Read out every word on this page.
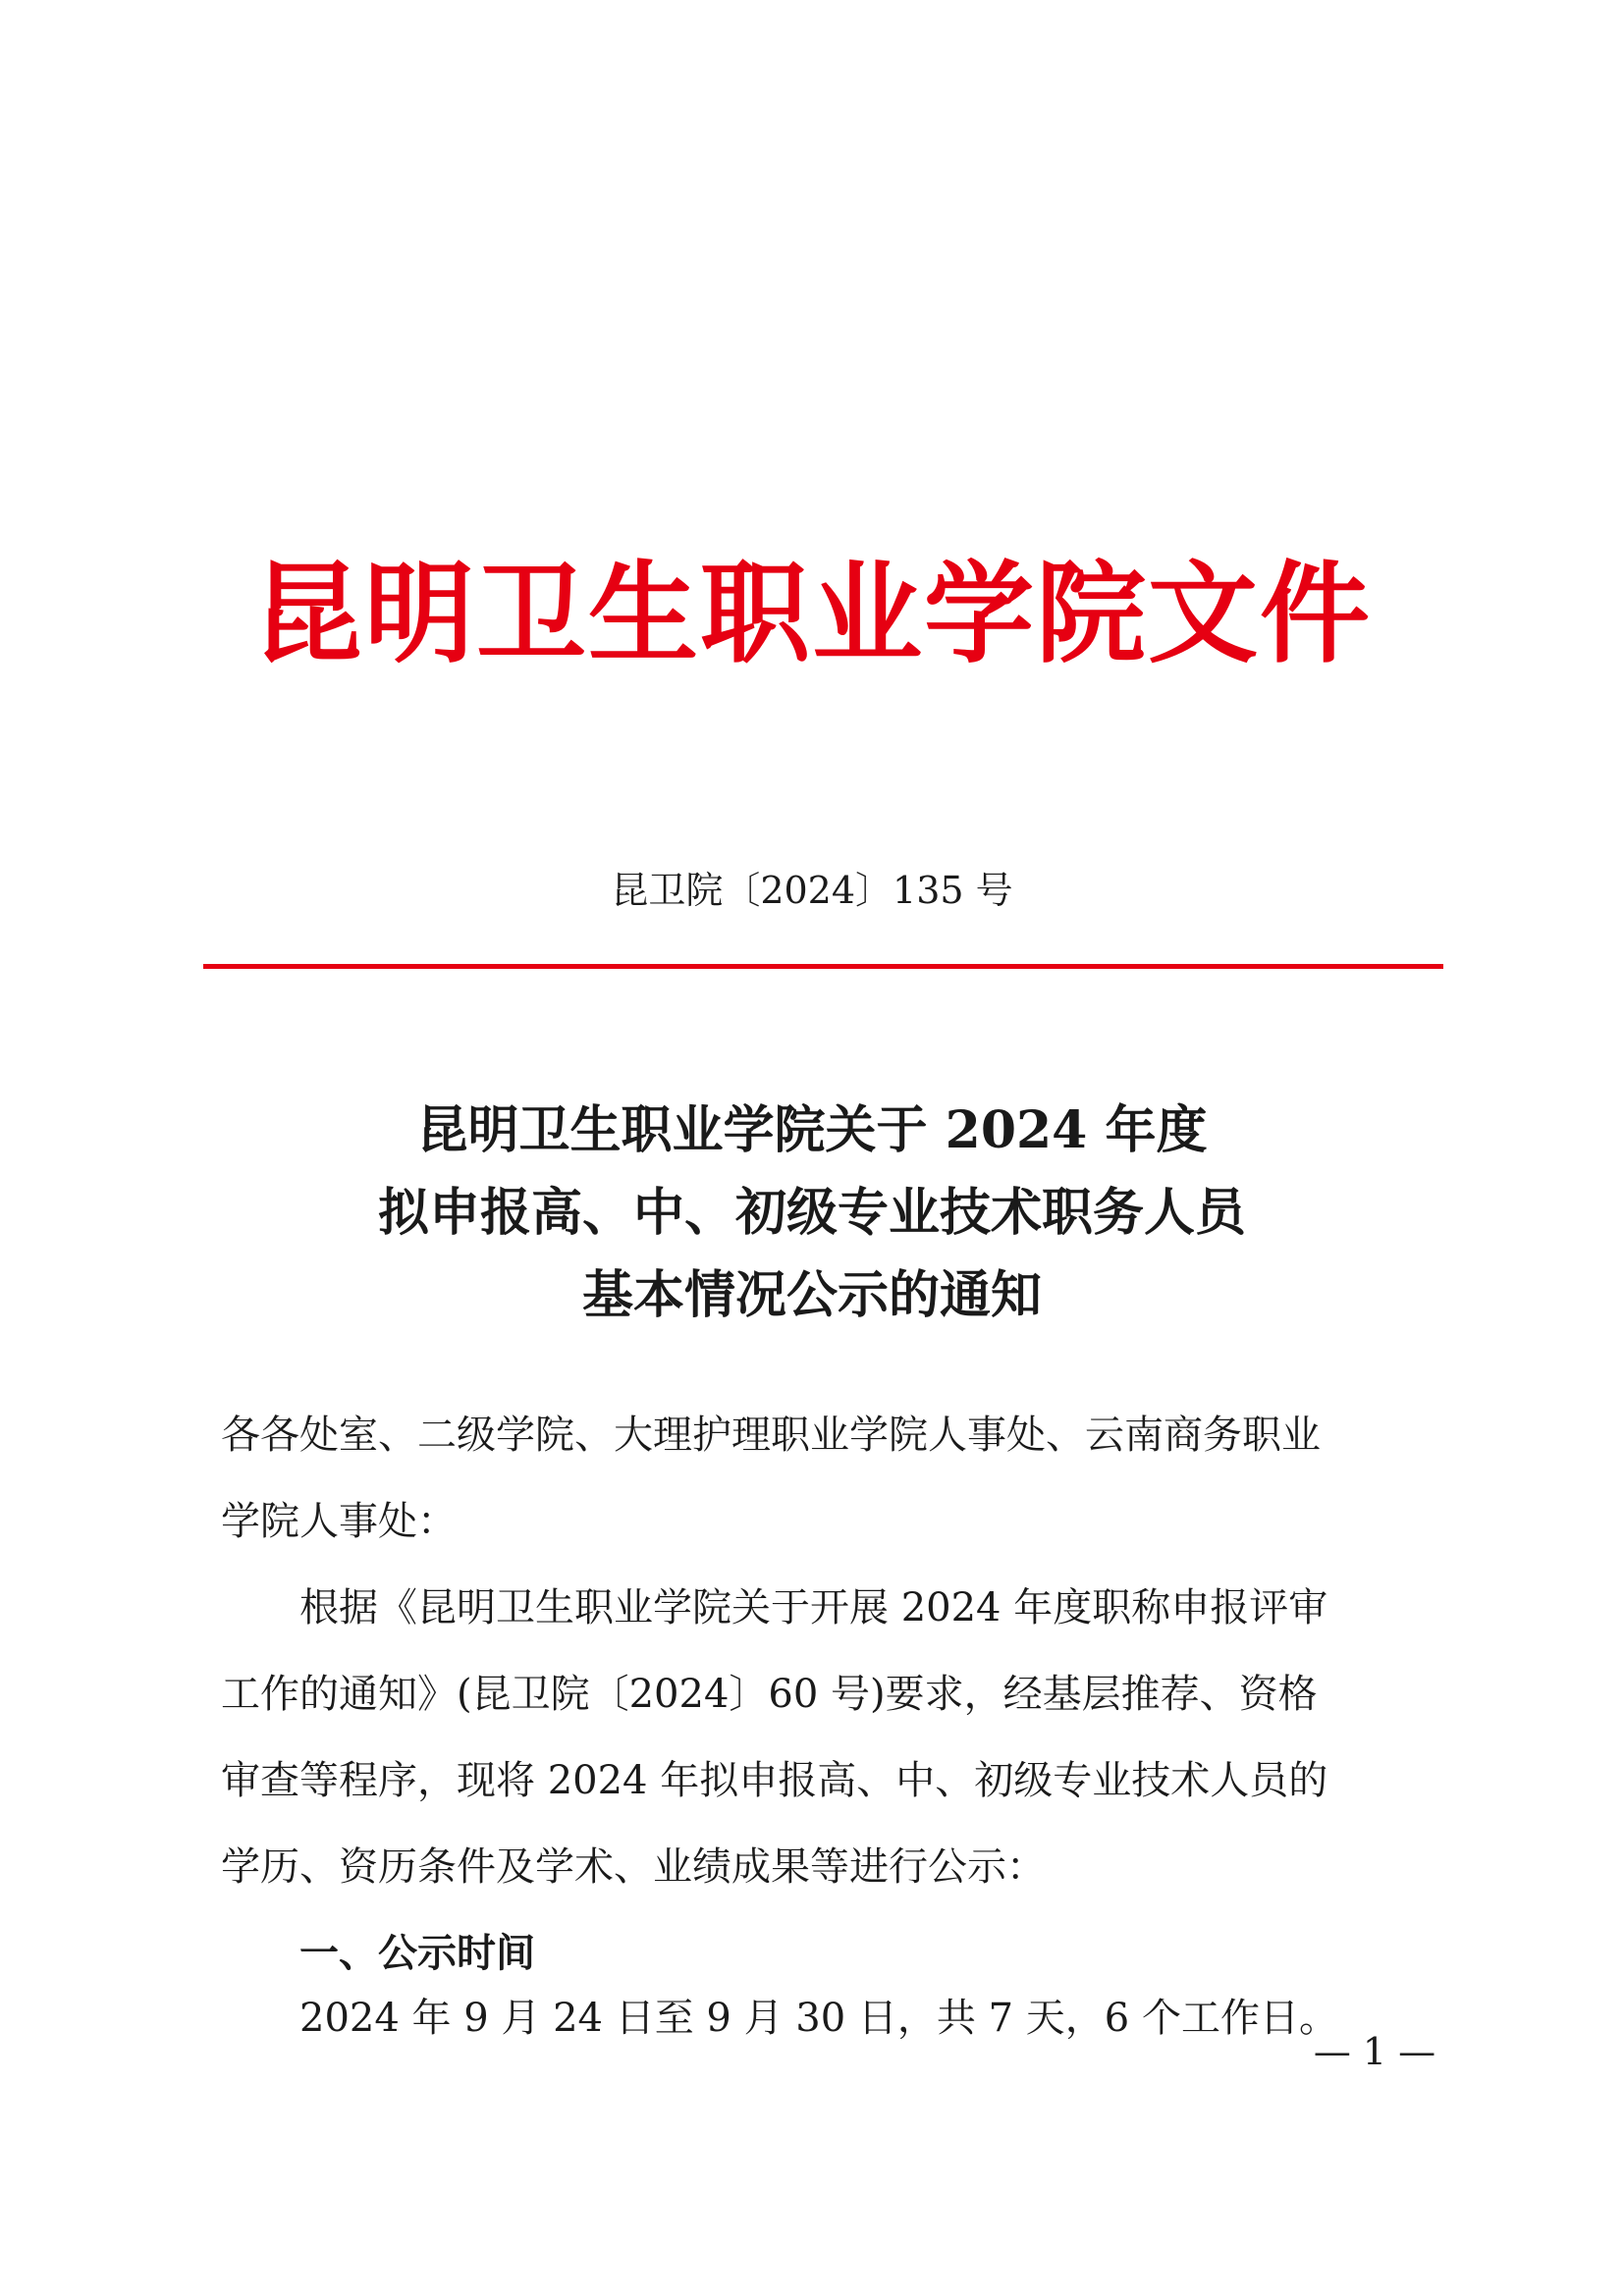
昆明卫生职业学院文件
昆卫院〔2024〕135 号
昆明卫生职业学院关于 2024 年度
拟申报高、中、初级专业技术职务人员
基本情况公示的通知
各各处室、二级学院、大理护理职业学院人事处、云南商务职业
学院人事处：
根据《昆明卫生职业学院关于开展 2024 年度职称申报评审
工作的通知》(昆卫院〔2024〕60 号)要求，经基层推荐、资格
审查等程序，现将 2024 年拟申报高、中、初级专业技术人员的
学历、资历条件及学术、业绩成果等进行公示：
一、公示时间
2024 年 9 月 24 日至 9 月 30 日，共 7 天，6 个工作日。
— 1 —
